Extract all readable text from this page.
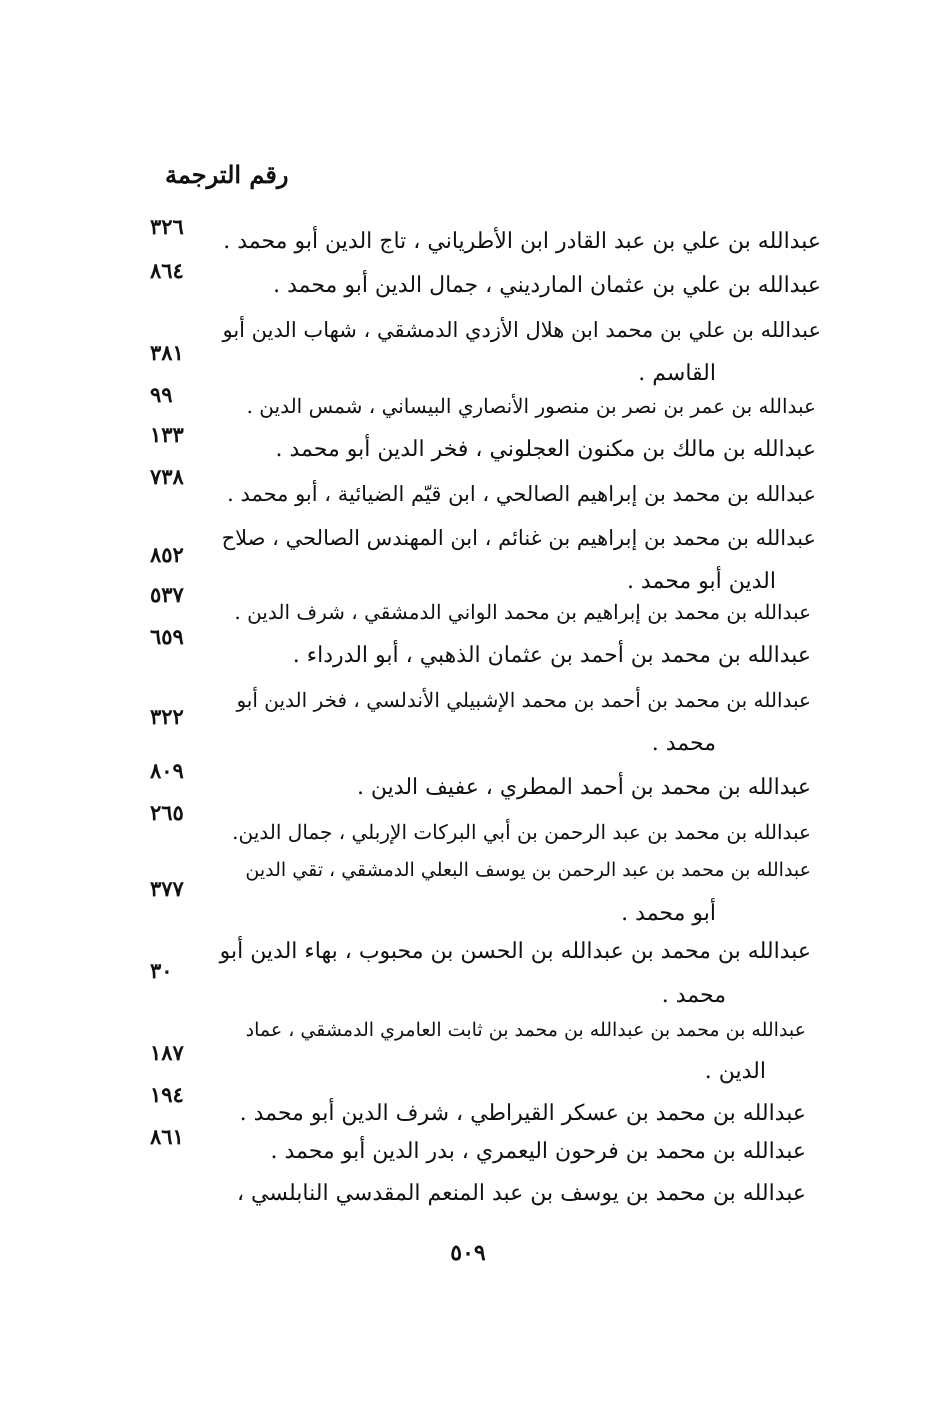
رقم الترجمة
عبدالله بن علي بن عبد القادر ابن الأطرياني ، تاج الدين أبو محمد .
٣٢٦
عبدالله بن علي بن عثمان المارديني ، جمال الدين أبو محمد .
٨٦٤
عبدالله بن علي بن محمد ابن هلال الأزدي الدمشقي ، شهاب الدين أبو
القاسم .
٣٨١
عبدالله بن عمر بن نصر بن منصور الأنصاري البيساني ، شمس الدين .
٩٩
عبدالله بن مالك بن مكنون العجلوني ، فخر الدين أبو محمد .
١٣٣
عبدالله بن محمد بن إبراهيم الصالحي ، ابن قيّم الضيائية ، أبو محمد .
٧٣٨
عبدالله بن محمد بن إبراهيم بن غنائم ، ابن المهندس الصالحي ، صلاح
الدين أبو محمد .
٨٥٢
عبدالله بن محمد بن إبراهيم بن محمد الواني الدمشقي ، شرف الدين .
٥٣٧
عبدالله بن محمد بن أحمد بن عثمان الذهبي ، أبو الدرداء .
٦٥٩
عبدالله بن محمد بن أحمد بن محمد الإشبيلي الأندلسي ، فخر الدين أبو
محمد .
٣٢٢
عبدالله بن محمد بن أحمد المطري ، عفيف الدين .
٨٠٩
عبدالله بن محمد بن عبد الرحمن بن أبي البركات الإربلي ، جمال الدين.
٢٦٥
عبدالله بن محمد بن عبد الرحمن بن يوسف البعلي الدمشقي ، تقي الدين
أبو محمد .
٣٧٧
عبدالله بن محمد بن عبدالله بن الحسن بن محبوب ، بهاء الدين أبو
محمد .
٣٠
عبدالله بن محمد بن عبدالله بن محمد بن ثابت العامري الدمشقي ، عماد
الدين .
١٨٧
عبدالله بن محمد بن عسكر القيراطي ، شرف الدين أبو محمد .
١٩٤
عبدالله بن محمد بن فرحون اليعمري ، بدر الدين أبو محمد .
٨٦١
عبدالله بن محمد بن يوسف بن عبد المنعم المقدسي النابلسي ،
٥٠٩
